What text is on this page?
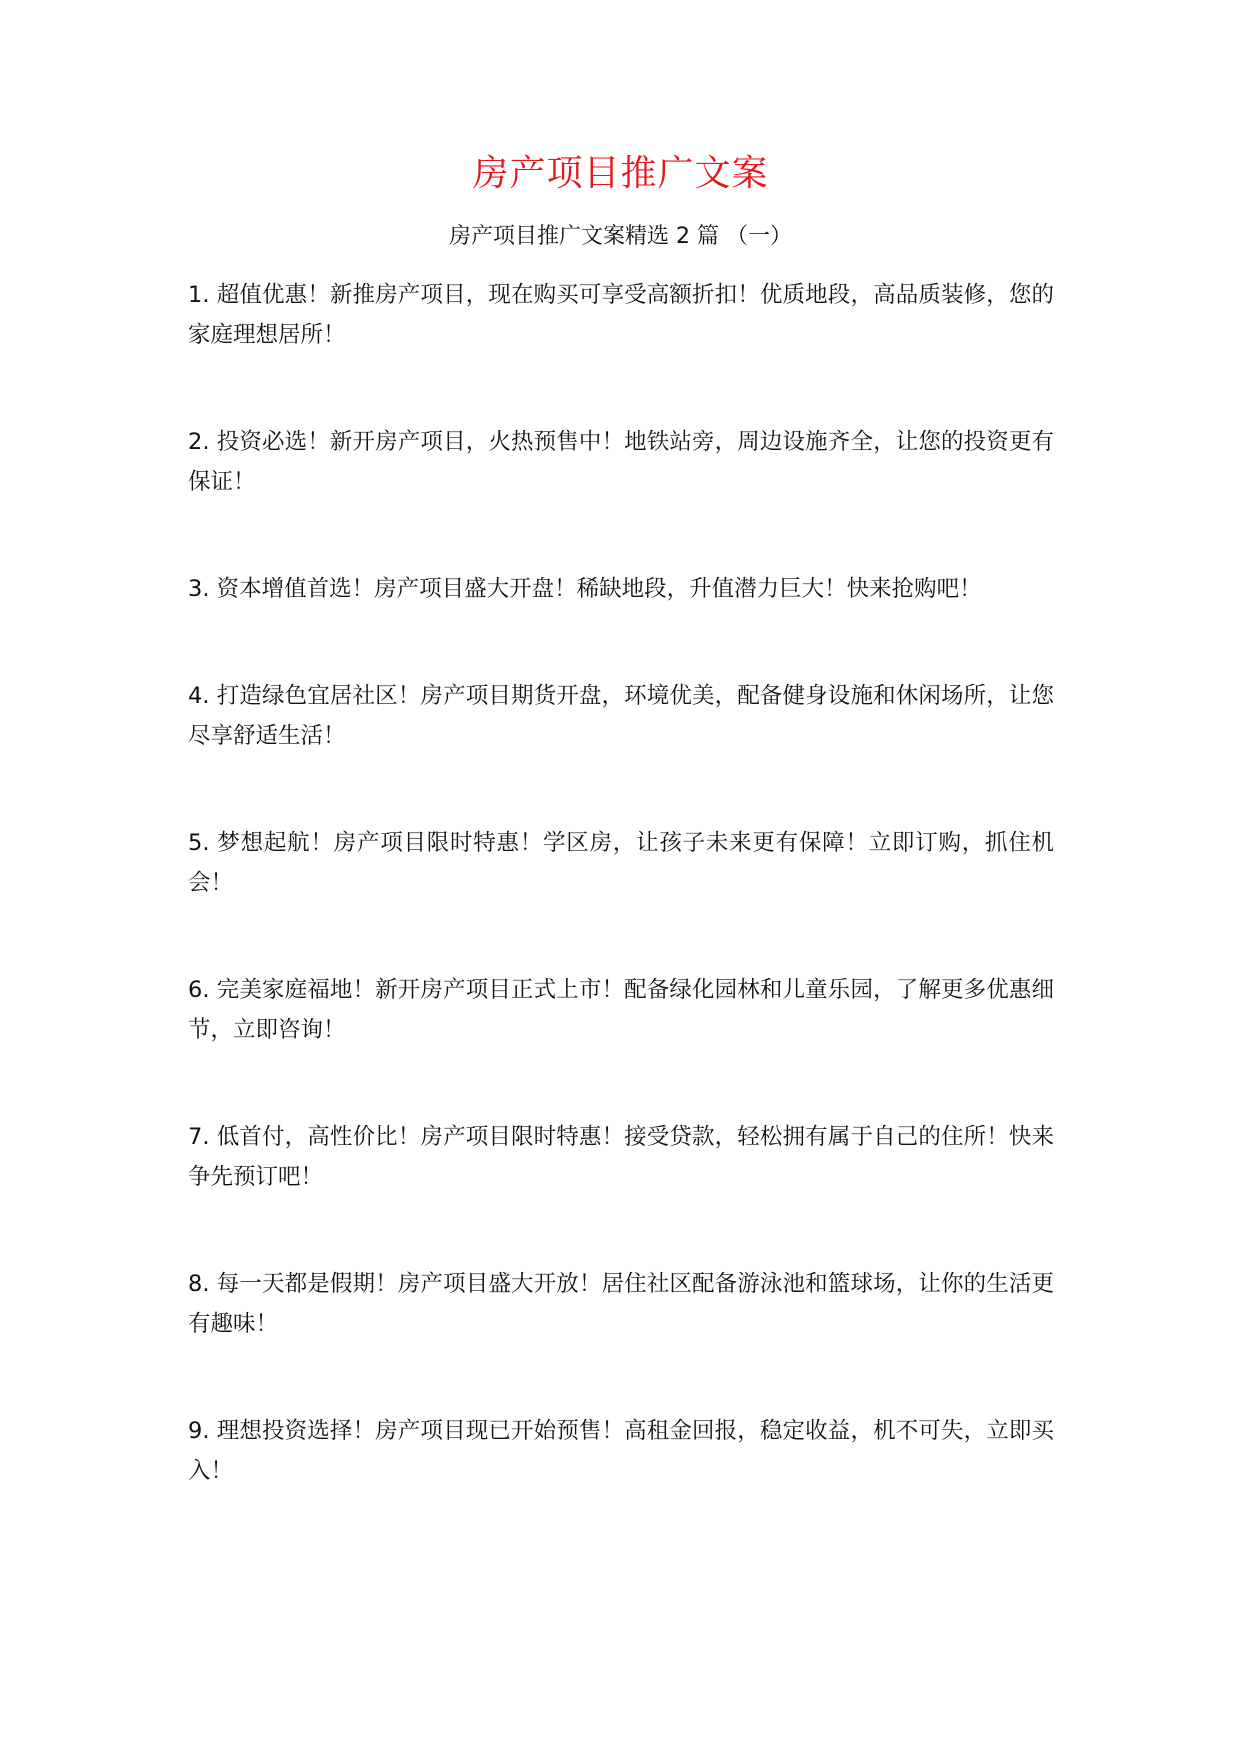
房产项目推广文案
房产项目推广文案精选 2 篇 （一）
1. 超值优惠！新推房产项目，现在购买可享受高额折扣！优质地段，高品质装修，您的家庭理想居所！
2. 投资必选！新开房产项目，火热预售中！地铁站旁，周边设施齐全，让您的投资更有保证！
3. 资本增值首选！房产项目盛大开盘！稀缺地段，升值潜力巨大！快来抢购吧！
4. 打造绿色宜居社区！房产项目期货开盘，环境优美，配备健身设施和休闲场所，让您尽享舒适生活！
5. 梦想起航！房产项目限时特惠！学区房，让孩子未来更有保障！立即订购，抓住机会！
6. 完美家庭福地！新开房产项目正式上市！配备绿化园林和儿童乐园，了解更多优惠细节，立即咨询！
7. 低首付，高性价比！房产项目限时特惠！接受贷款，轻松拥有属于自己的住所！快来争先预订吧！
8. 每一天都是假期！房产项目盛大开放！居住社区配备游泳池和篮球场，让你的生活更有趣味！
9. 理想投资选择！房产项目现已开始预售！高租金回报，稳定收益，机不可失，立即买入！
